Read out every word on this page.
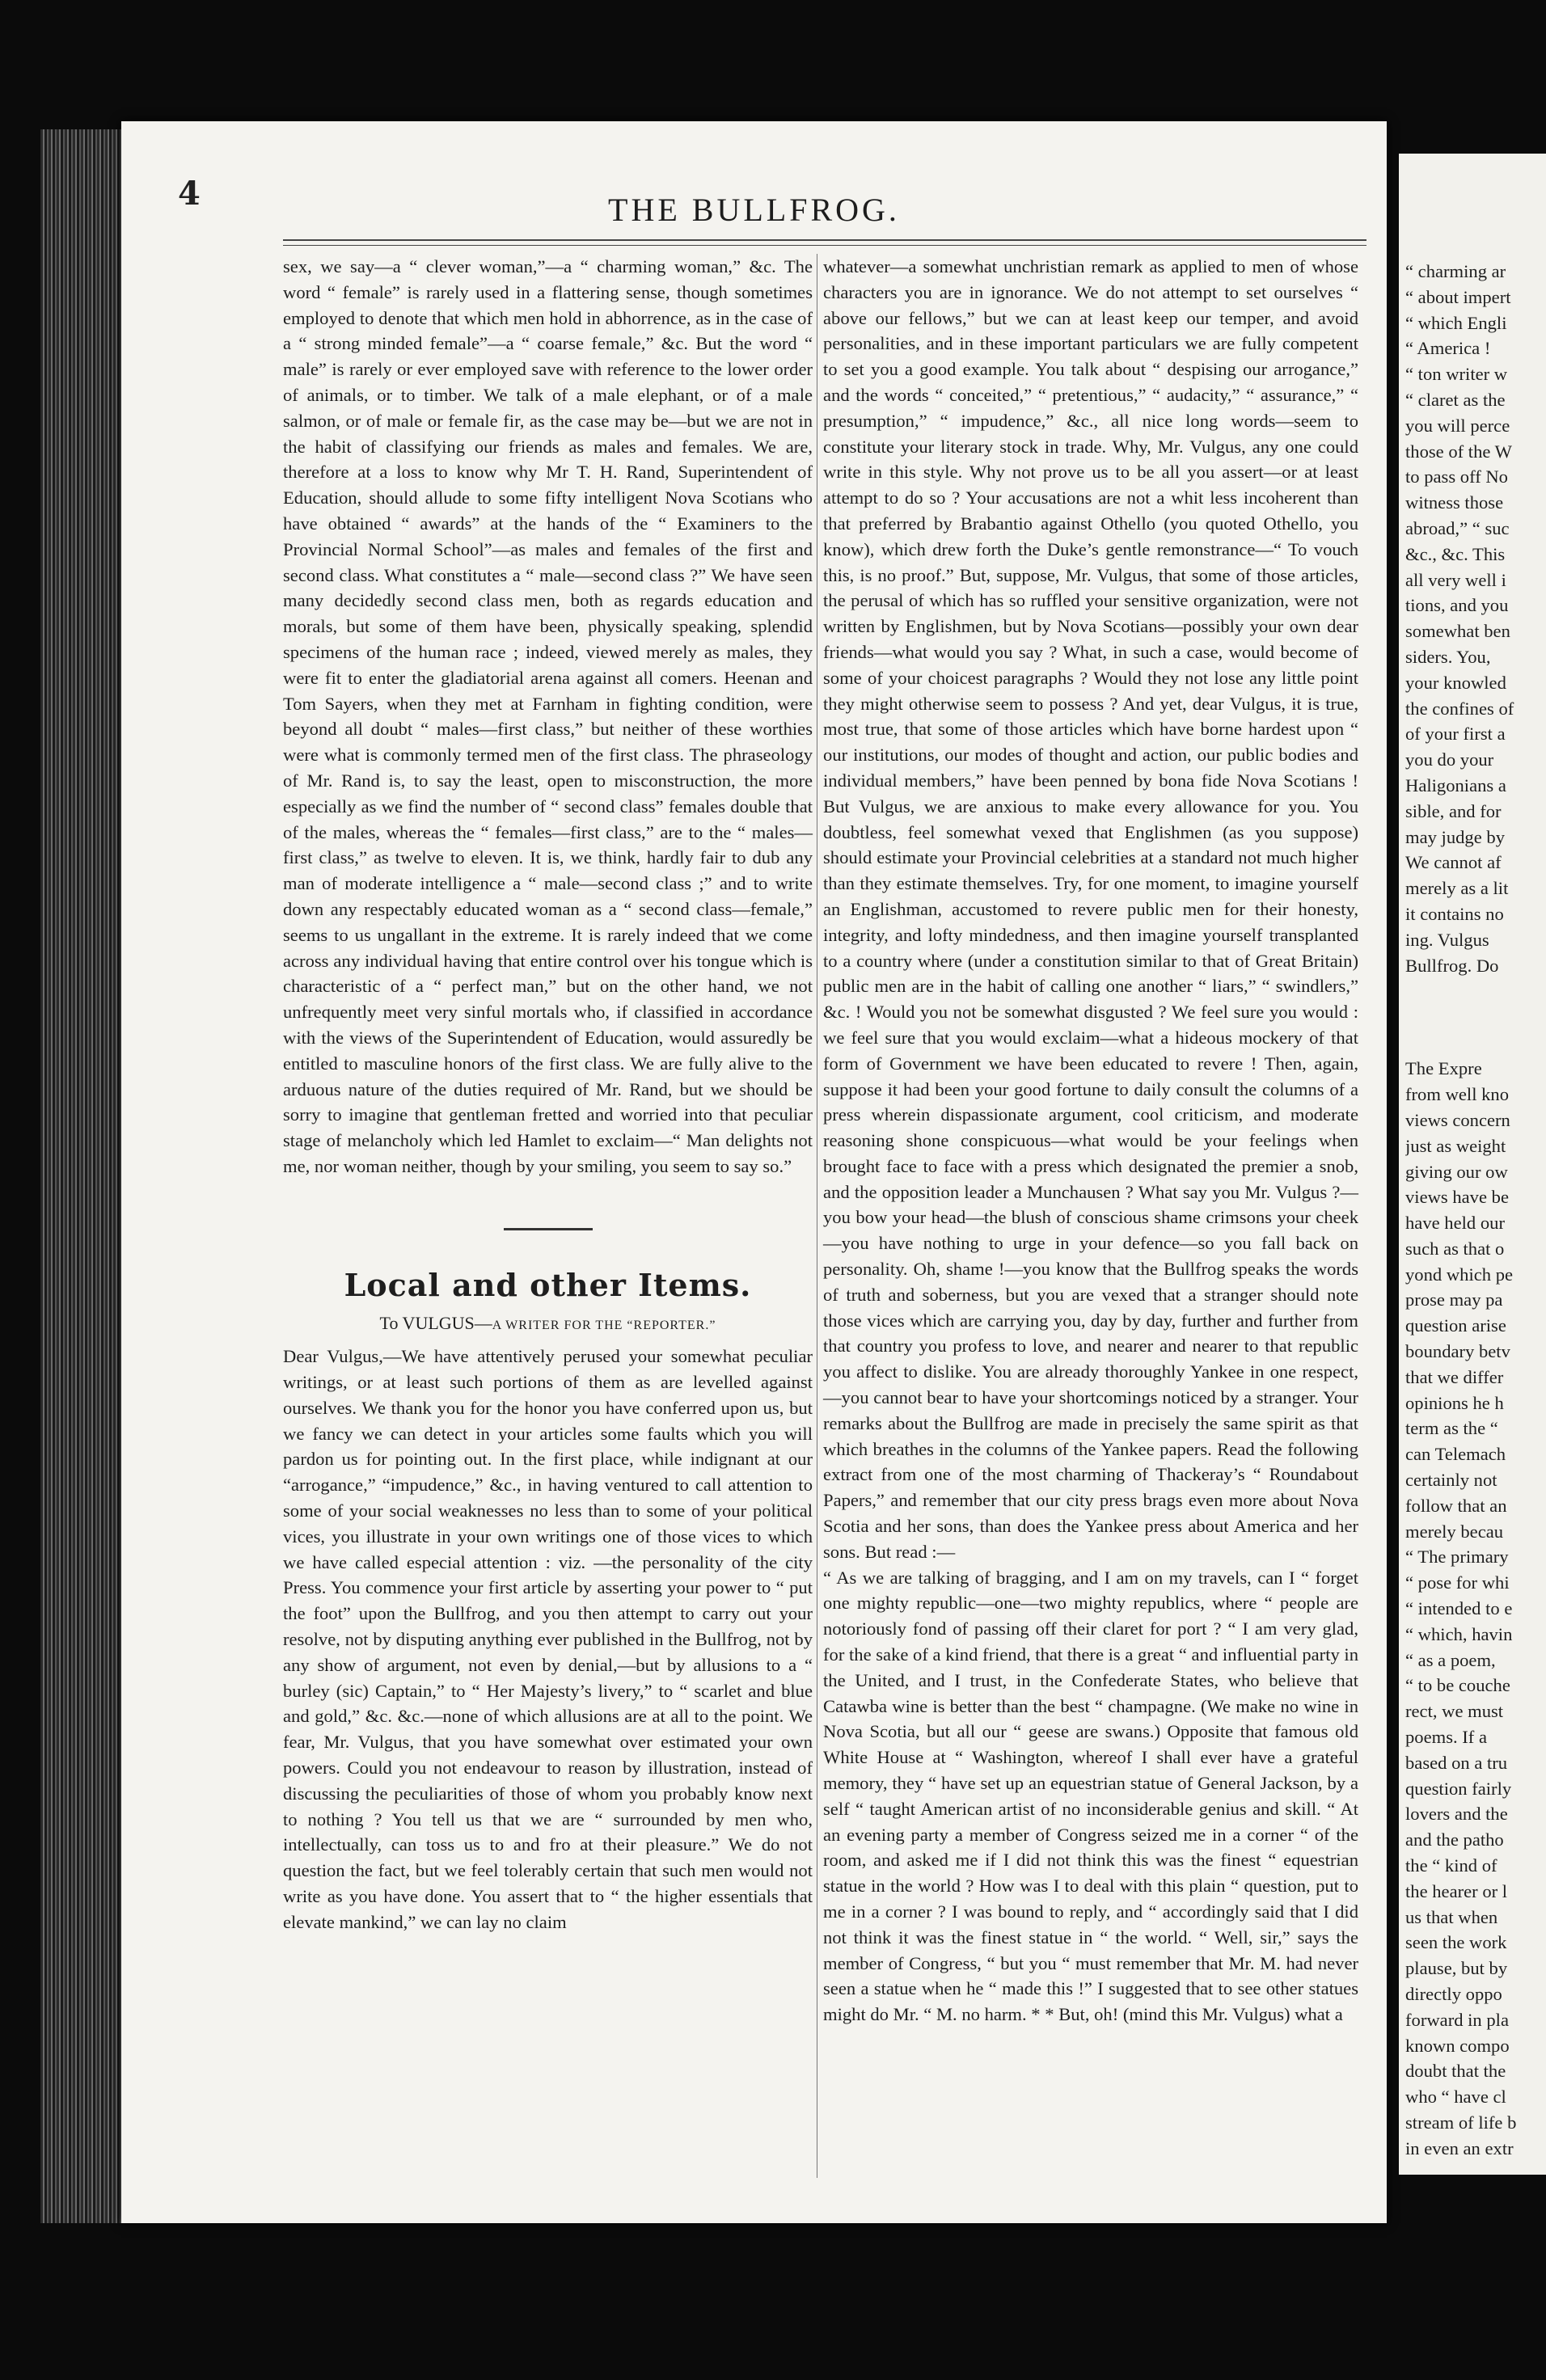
4	THE BULLFROG.

sex, we say—a “ clever woman,”—a “ charming woman,” &c. The word “ female” is rarely used in a flattering sense, though sometimes employed to denote that which men hold in abhorrence, as in the case of a “ strong minded female”—a “ coarse female,” &c. But the word “ male” is rarely or ever employed save with reference to the lower order of animals, or to timber. We talk of a male elephant, or of a male salmon, or of male or female fir, as the case may be—but we are not in the habit of classifying our friends as males and females. We are, therefore at a loss to know why Mr T. H. Rand, Superintendent of Education, should allude to some fifty intelligent Nova Scotians who have obtained “ awards” at the hands of the “ Examiners to the Provincial Normal School”—as males and females of the first and second class. What constitutes a “ male—second class ?” We have seen many decidedly second class men, both as regards education and morals, but some of them have been, physically speaking, splendid specimens of the human race ; indeed, viewed merely as males, they were fit to enter the gladiatorial arena against all comers. Heenan and Tom Sayers, when they met at Farnham in fighting condition, were beyond all doubt “ males—first class,” but neither of these worthies were what is commonly termed men of the first class. The phraseology of Mr. Rand is, to say the least, open to misconstruction, the more especially as we find the number of “ second class” females double that of the males, whereas the “ females—first class,” are to the “ males—first class,” as twelve to eleven. It is, we think, hardly fair to dub any man of moderate intelligence a “ male—second class ;” and to write down any respectably educated woman as a “ second class—female,” seems to us ungallant in the extreme. It is rarely indeed that we come across any individual having that entire control over his tongue which is characteristic of a “ perfect man,” but on the other hand, we not unfrequently meet very sinful mortals who, if classified in accordance with the views of the Superintendent of Education, would assuredly be entitled to masculine honors of the first class. We are fully alive to the arduous nature of the duties required of Mr. Rand, but we should be sorry to imagine that gentleman fretted and worried into that peculiar stage of melancholy which led Hamlet to exclaim—“ Man delights not me, nor woman neither, though by your smiling, you seem to say so.”

Local and other Items.
To VULGUS—A WRITER FOR THE “REPORTER.”

Dear Vulgus,—We have attentively perused your somewhat peculiar writings, or at least such portions of them as are levelled against ourselves. We thank you for the honor you have conferred upon us, but we fancy we can detect in your articles some faults which you will pardon us for pointing out. In the first place, while indignant at our “arrogance,” “impudence,” &c., in having ventured to call attention to some of your social weaknesses no less than to some of your political vices, you illustrate in your own writings one of those vices to which we have called especial attention : viz. —the personality of the city Press. You commence your first article by asserting your power to “ put the foot” upon the Bullfrog, and you then attempt to carry out your resolve, not by disputing anything ever published in the Bullfrog, not by any show of argument, not even by denial,—but by allusions to a “ burley (sic) Captain,” to “ Her Majesty’s livery,” to “ scarlet and blue and gold,” &c. &c.—none of which allusions are at all to the point. We fear, Mr. Vulgus, that you have somewhat over estimated your own powers. Could you not endeavour to reason by illustration, instead of discussing the peculiarities of those of whom you probably know next to nothing ? You tell us that we are “ surrounded by men who, intellectually, can toss us to and fro at their pleasure.” We do not question the fact, but we feel tolerably certain that such men would not write as you have done. You assert that to “ the higher essentials that elevate mankind,” we can lay no claim

whatever—a somewhat unchristian remark as applied to men of whose characters you are in ignorance. We do not attempt to set ourselves “ above our fellows,” but we can at least keep our temper, and avoid personalities, and in these important particulars we are fully competent to set you a good example. You talk about “ despising our arrogance,” and the words “ conceited,” “ pretentious,” “ audacity,” “ assurance,” “ presumption,” “ impudence,” &c., all nice long words—seem to constitute your literary stock in trade. Why, Mr. Vulgus, any one could write in this style. Why not prove us to be all you assert—or at least attempt to do so ? Your accusations are not a whit less incoherent than that preferred by Brabantio against Othello (you quoted Othello, you know), which drew forth the Duke’s gentle remonstrance—“ To vouch this, is no proof.” But, suppose, Mr. Vulgus, that some of those articles, the perusal of which has so ruffled your sensitive organization, were not written by Englishmen, but by Nova Scotians—possibly your own dear friends—what would you say ? What, in such a case, would become of some of your choicest paragraphs ? Would they not lose any little point they might otherwise seem to possess ? And yet, dear Vulgus, it is true, most true, that some of those articles which have borne hardest upon “ our institutions, our modes of thought and action, our public bodies and individual members,” have been penned by bona fide Nova Scotians ! But Vulgus, we are anxious to make every allowance for you. You doubtless, feel somewhat vexed that Englishmen (as you suppose) should estimate your Provincial celebrities at a standard not much higher than they estimate themselves. Try, for one moment, to imagine yourself an Englishman, accustomed to revere public men for their honesty, integrity, and lofty mindedness, and then imagine yourself transplanted to a country where (under a constitution similar to that of Great Britain) public men are in the habit of calling one another “ liars,” “ swindlers,” &c. ! Would you not be somewhat disgusted ? We feel sure you would : we feel sure that you would exclaim—what a hideous mockery of that form of Government we have been educated to revere ! Then, again, suppose it had been your good fortune to daily consult the columns of a press wherein dispassionate argument, cool criticism, and moderate reasoning shone conspicuous—what would be your feelings when brought face to face with a press which designated the premier a snob, and the opposition leader a Munchausen ? What say you Mr. Vulgus ?—you bow your head—the blush of conscious shame crimsons your cheek—you have nothing to urge in your defence—so you fall back on personality. Oh, shame !—you know that the Bullfrog speaks the words of truth and soberness, but you are vexed that a stranger should note those vices which are carrying you, day by day, further and further from that country you profess to love, and nearer and nearer to that republic you affect to dislike. You are already thoroughly Yankee in one respect,—you cannot bear to have your shortcomings noticed by a stranger. Your remarks about the Bullfrog are made in precisely the same spirit as that which breathes in the columns of the Yankee papers. Read the following extract from one of the most charming of Thackeray’s “ Roundabout Papers,” and remember that our city press brags even more about Nova Scotia and her sons, than does the Yankee press about America and her sons. But read :—

“ As we are talking of bragging, and I am on my travels, can I “ forget one mighty republic—one—two mighty republics, where “ people are notoriously fond of passing off their claret for port ? “ I am very glad, for the sake of a kind friend, that there is a great “ and influential party in the United, and I trust, in the Confederate States, who believe that Catawba wine is better than the best “ champagne. (We make no wine in Nova Scotia, but all our “ geese are swans.) Opposite that famous old White House at “ Washington, whereof I shall ever have a grateful memory, they “ have set up an equestrian statue of General Jackson, by a self “ taught American artist of no inconsiderable genius and skill. “ At an evening party a member of Congress seized me in a corner “ of the room, and asked me if I did not think this was the finest “ equestrian statue in the world ? How was I to deal with this plain “ question, put to me in a corner ? I was bound to reply, and “ accordingly said that I did not think it was the finest statue in “ the world. “ Well, sir,” says the member of Congress, “ but you “ must remember that Mr. M. had never seen a statue when he “ made this !” I suggested that to see other statues might do Mr. “ M. no harm. * * But, oh! (mind this Mr. Vulgus) what a

“ charming ar
“ about impert
“ which Engli
“ America !
“ ton writer w
“ claret as the
you will perce
those of the W
to pass off No
witness those
abroad,” “ suc
&c., &c. This
all very well i
tions, and you
somewhat ben
siders. You,
your knowled
the confines of
of your first a
you do your
Haligonians a
sible, and for
may judge by
We cannot af
merely as a lit
it contains no
ing. Vulgus
Bullfrog. Do
The Expre
from well kno
views concern
just as weight
giving our ow
views have be
have held our
such as that o
yond which pe
prose may pa
question arise
boundary betv
that we differ
opinions he h
term as the “
can Telemach
certainly not
follow that an
merely becau
“ The primary
“ pose for whi
“ intended to e
“ which, havin
“ as a poem,
“ to be couche
rect, we must
poems. If a
based on a tru
question fairly
lovers and the
and the patho
the “ kind of
the hearer or l
us that when
seen the work
plause, but by
directly oppo
forward in pla
known compo
doubt that the
who “ have cl
stream of life b
in even an extr
